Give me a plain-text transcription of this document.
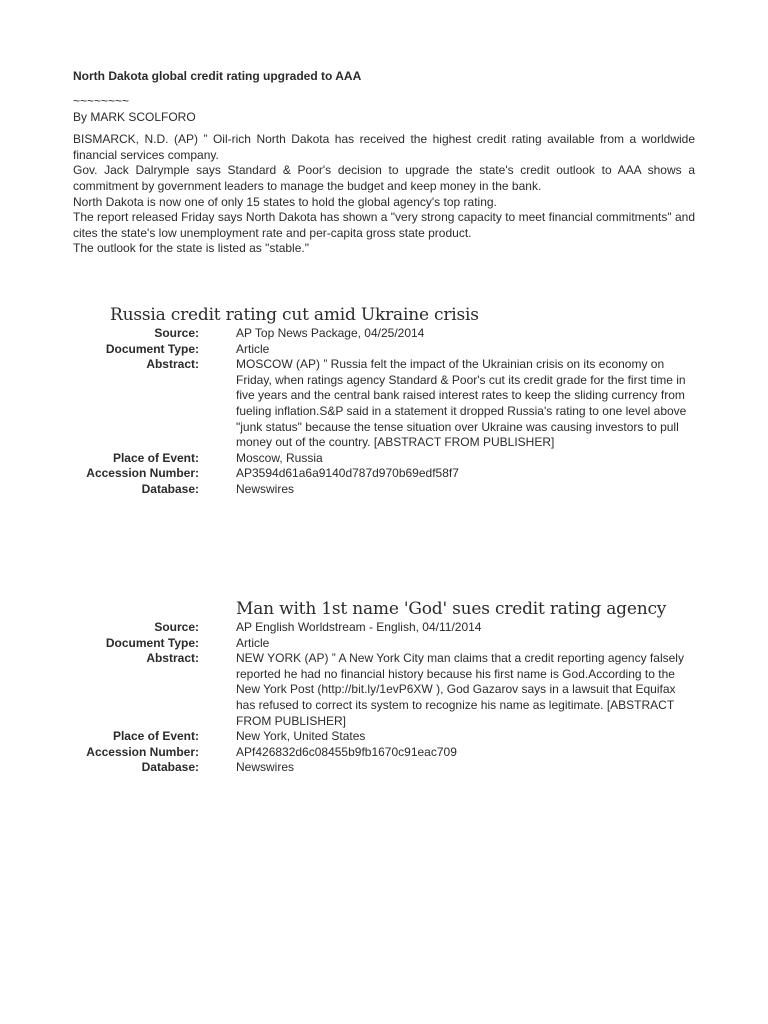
North Dakota global credit rating upgraded to AAA
~~~~~~~~
By MARK SCOLFORO

BISMARCK, N.D. (AP) ” Oil-rich North Dakota has received the highest credit rating available from a worldwide financial services company.

Gov. Jack Dalrymple says Standard & Poor's decision to upgrade the state's credit outlook to AAA shows a commitment by government leaders to manage the budget and keep money in the bank.

North Dakota is now one of only 15 states to hold the global agency's top rating.

The report released Friday says North Dakota has shown a "very strong capacity to meet financial commitments" and cites the state's low unemployment rate and per-capita gross state product.

The outlook for the state is listed as "stable."

Russia credit rating cut amid Ukraine crisis
Source:	AP Top News Package, 04/25/2014
Document Type:	Article
Abstract:	MOSCOW (AP) ” Russia felt the impact of the Ukrainian crisis on its economy on Friday, when ratings agency Standard & Poor's cut its credit grade for the first time in five years and the central bank raised interest rates to keep the sliding currency from fueling inflation.S&P said in a statement it dropped Russia's rating to one level above "junk status" because the tense situation over Ukraine was causing investors to pull money out of the country. [ABSTRACT FROM PUBLISHER]
Place of Event:	Moscow, Russia
Accession Number:	AP3594d61a6a9140d787d970b69edf58f7
Database:	Newswires
Man with 1st name 'God' sues credit rating agency
Source:	AP English Worldstream - English, 04/11/2014
Document Type:	Article
Abstract:	NEW YORK (AP) ” A New York City man claims that a credit reporting agency falsely reported he had no financial history because his first name is God.According to the New York Post (http://bit.ly/1evP6XW ), God Gazarov says in a lawsuit that Equifax has refused to correct its system to recognize his name as legitimate. [ABSTRACT FROM PUBLISHER]
Place of Event:	New York, United States
Accession Number:	APf426832d6c08455b9fb1670c91eac709
Database:	Newswires
